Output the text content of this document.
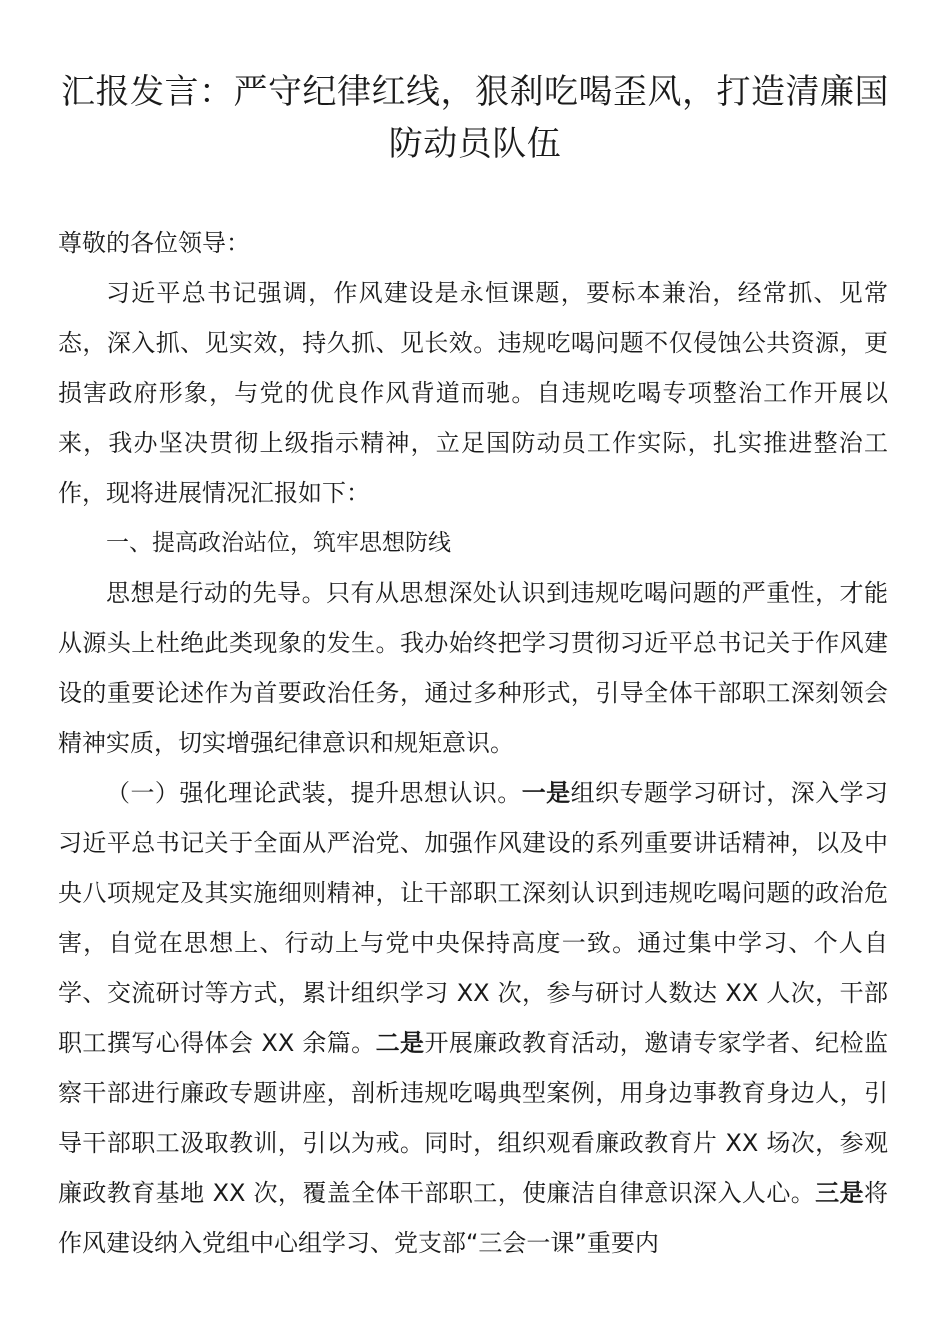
汇报发言：严守纪律红线，狠刹吃喝歪风，打造清廉国防动员队伍

尊敬的各位领导：

习近平总书记强调，作风建设是永恒课题，要标本兼治，经常抓、见常态，深入抓、见实效，持久抓、见长效。违规吃喝问题不仅侵蚀公共资源，更损害政府形象，与党的优良作风背道而驰。自违规吃喝专项整治工作开展以来，我办坚决贯彻上级指示精神，立足国防动员工作实际，扎实推进整治工作，现将进展情况汇报如下：

一、提高政治站位，筑牢思想防线

思想是行动的先导。只有从思想深处认识到违规吃喝问题的严重性，才能从源头上杜绝此类现象的发生。我办始终把学习贯彻习近平总书记关于作风建设的重要论述作为首要政治任务，通过多种形式，引导全体干部职工深刻领会精神实质，切实增强纪律意识和规矩意识。

（一）强化理论武装，提升思想认识。一是组织专题学习研讨，深入学习习近平总书记关于全面从严治党、加强作风建设的系列重要讲话精神，以及中央八项规定及其实施细则精神，让干部职工深刻认识到违规吃喝问题的政治危害，自觉在思想上、行动上与党中央保持高度一致。通过集中学习、个人自学、交流研讨等方式，累计组织学习 XX 次，参与研讨人数达 XX 人次，干部职工撰写心得体会 XX 余篇。二是开展廉政教育活动，邀请专家学者、纪检监察干部进行廉政专题讲座，剖析违规吃喝典型案例，用身边事教育身边人，引导干部职工汲取教训，引以为戒。同时，组织观看廉政教育片 XX 场次，参观廉政教育基地 XX 次，覆盖全体干部职工，使廉洁自律意识深入人心。三是将作风建设纳入党组中心组学习、党支部“三会一课”重要内
